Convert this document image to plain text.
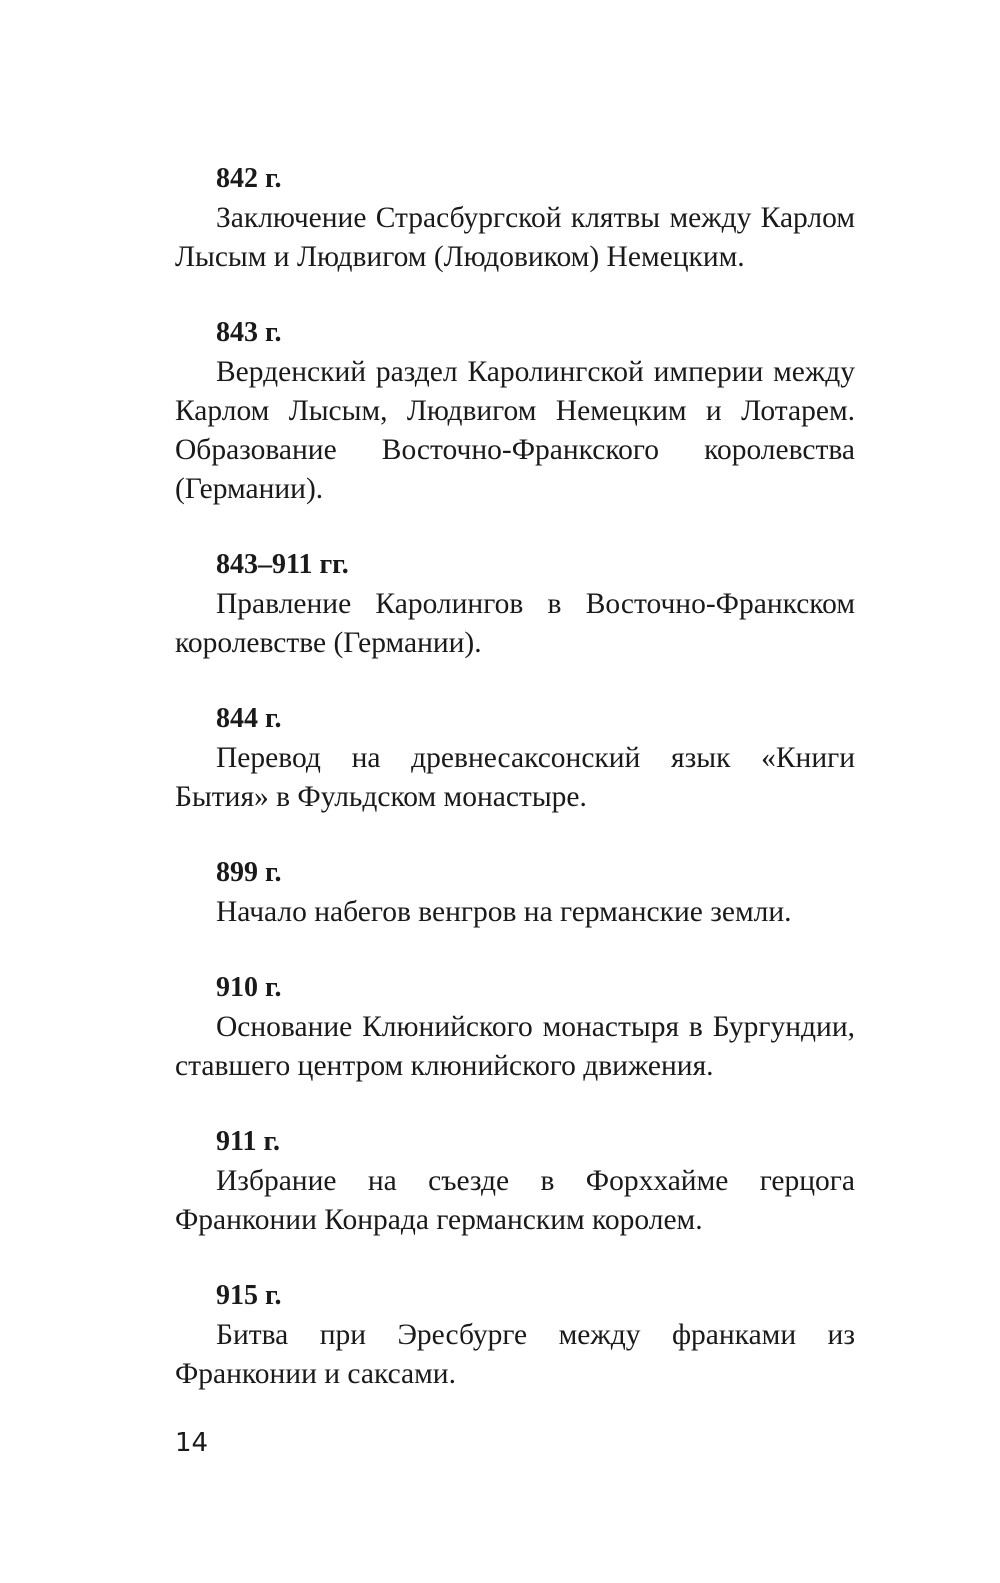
842 г.
Заключение Страсбургской клятвы между Карлом Лысым и Людвигом (Людовиком) Немецким.
843 г.
Верденский раздел Каролингской империи между Карлом Лысым, Людвигом Немецким и Лотарем. Образование Восточно-Франкского королевства (Германии).
843–911 гг.
Правление Каролингов в Восточно-Франкском королевстве (Германии).
844 г.
Перевод на древнесаксонский язык «Книги Бытия» в Фульдском монастыре.
899 г.
Начало набегов венгров на германские земли.
910 г.
Основание Клюнийского монастыря в Бургундии, ставшего центром клюнийского движения.
911 г.
Избрание на съезде в Форххайме герцога Франконии Конрада германским королем.
915 г.
Битва при Эресбурге между франками из Франконии и саксами.
14
